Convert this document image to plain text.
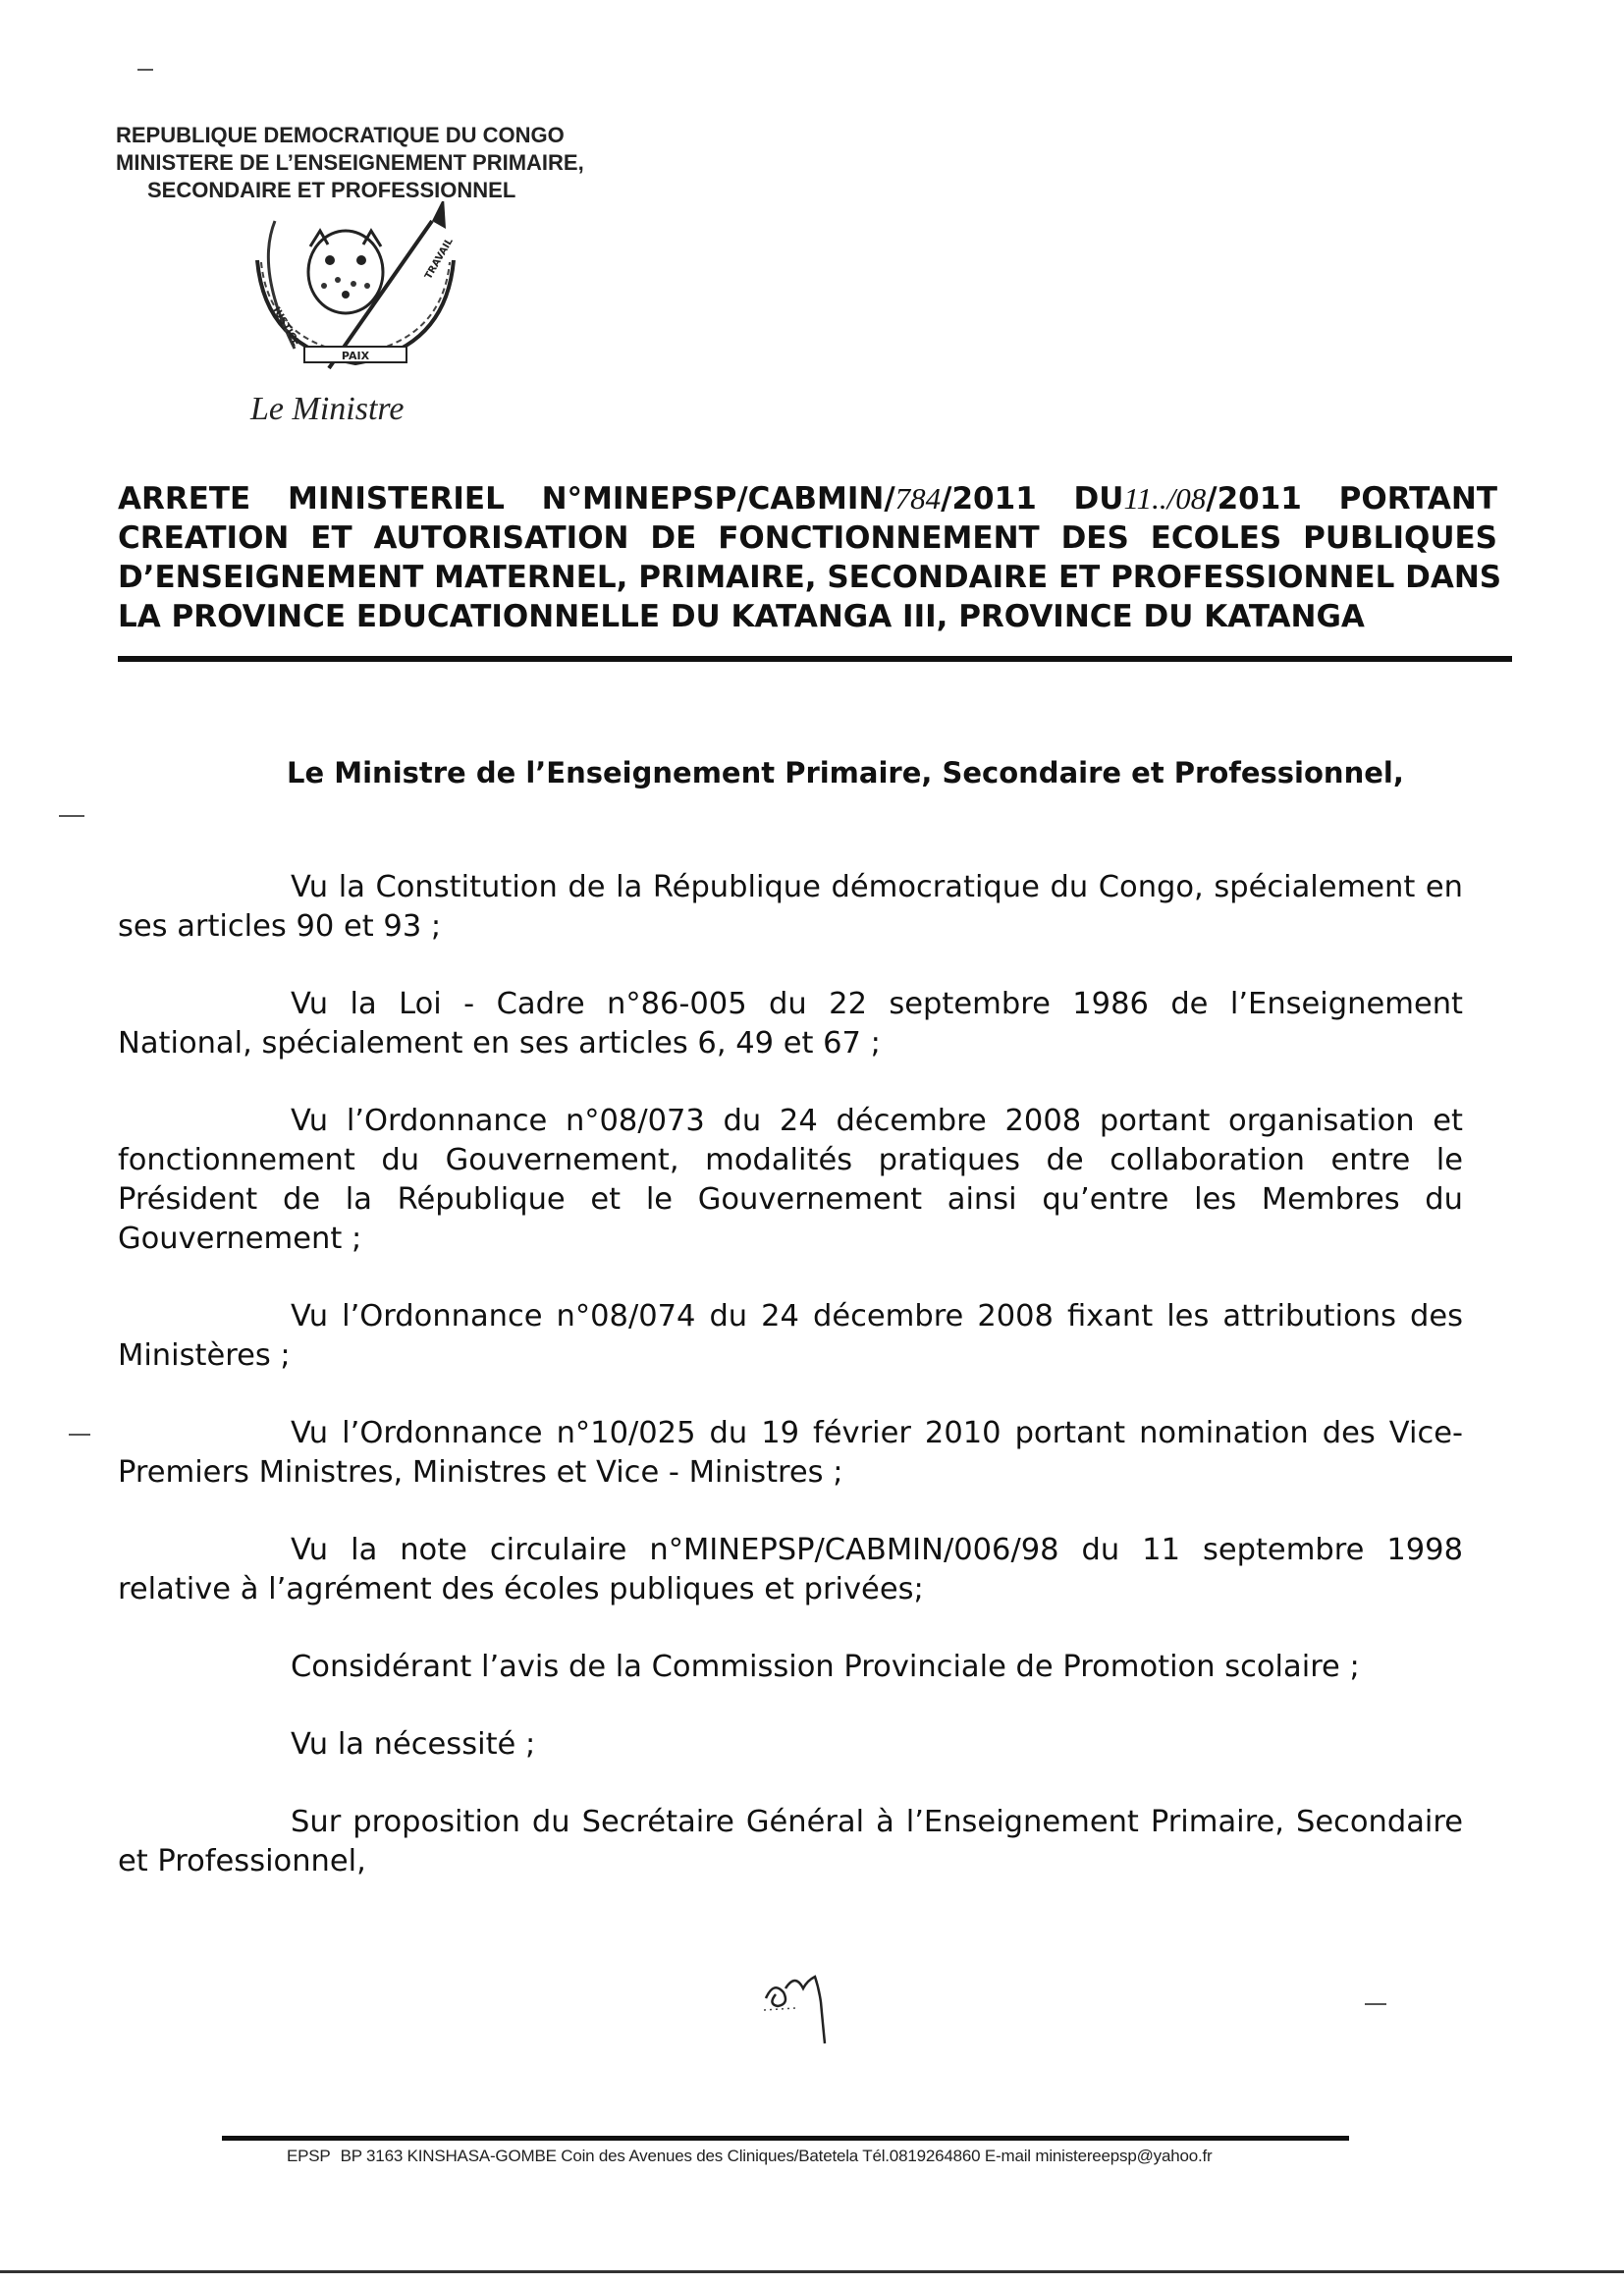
REPUBLIQUE DEMOCRATIQUE DU CONGO
MINISTERE DE L’ENSEIGNEMENT PRIMAIRE,
SECONDAIRE ET PROFESSIONNEL
PAIX
JUSTICE
TRAVAIL
Le Ministre
ARRETE MINISTERIEL N°MINEPSP/CABMIN/784/2011 DU11../08/2011 PORTANT
CREATION ET AUTORISATION DE FONCTIONNEMENT DES ECOLES PUBLIQUES
D’ENSEIGNEMENT MATERNEL, PRIMAIRE, SECONDAIRE ET PROFESSIONNEL DANS
LA PROVINCE EDUCATIONNELLE DU KATANGA III, PROVINCE DU KATANGA
Le Ministre de l’Enseignement Primaire, Secondaire et Professionnel,

Vu la Constitution de la République démocratique du Congo, spécialement en ses articles 90 et 93 ;

Vu la Loi - Cadre n°86-005 du 22 septembre 1986 de l’Enseignement National, spécialement en ses articles 6, 49 et 67 ;

Vu l’Ordonnance n°08/073 du 24 décembre 2008 portant organisation et fonctionnement du Gouvernement, modalités pratiques de collaboration entre le Président de la République et le Gouvernement ainsi qu’entre les Membres du Gouvernement ;

Vu l’Ordonnance n°08/074 du 24 décembre 2008 fixant les attributions des Ministères ;

Vu l’Ordonnance n°10/025 du 19 février 2010 portant nomination des Vice-Premiers Ministres, Ministres et Vice - Ministres ;

Vu la note circulaire n°MINEPSP/CABMIN/006/98 du 11 septembre 1998 relative à l’agrément des écoles publiques et privées;

Considérant l’avis de la Commission Provinciale de Promotion scolaire ;

Vu la nécessité ;

Sur proposition du Secrétaire Général à l’Enseignement Primaire, Secondaire et Professionnel,

EPSP BP 3163 KINSHASA-GOMBE Coin des Avenues des Cliniques/Batetela Tél.0819264860 E-mail ministereepsp@yahoo.fr
